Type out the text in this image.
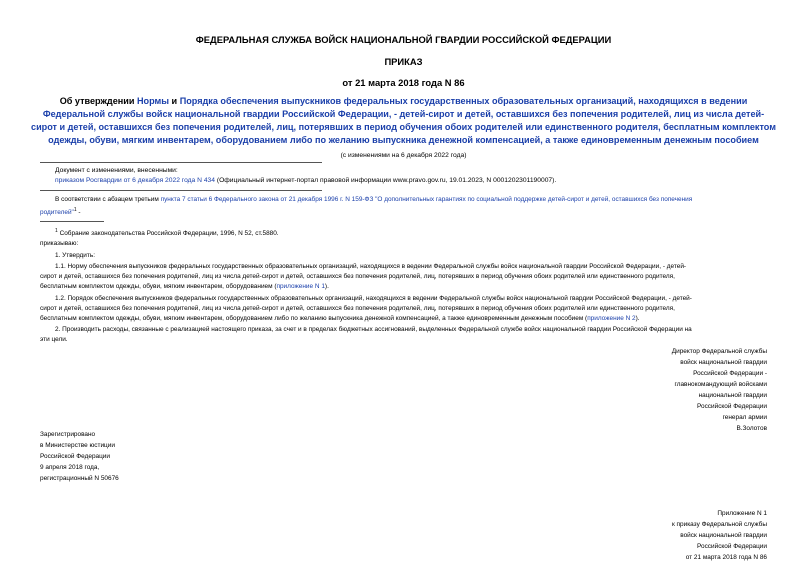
ФЕДЕРАЛЬНАЯ СЛУЖБА ВОЙСК НАЦИОНАЛЬНОЙ ГВАРДИИ РОССИЙСКОЙ ФЕДЕРАЦИИ
ПРИКАЗ
от 21 марта 2018 года N 86
Об утверждении Нормы и Порядка обеспечения выпускников федеральных государственных образовательных организаций, находящихся в ведении
Федеральной службы войск национальной гвардии Российской Федерации, - детей-сирот и детей, оставшихся без попечения родителей, лиц из числа детей-
сирот и детей, оставшихся без попечения родителей, лиц, потерявших в период обучения обоих родителей или единственного родителя, бесплатным комплектом
одежды, обуви, мягким инвентарем, оборудованием либо по желанию выпускника денежной компенсацией, а также единовременным денежным пособием
(с изменениями на 6 декабря 2022 года)
Документ с изменениями, внесенными:
приказом Росгвардии от 6 декабря 2022 года N 434 (Официальный интернет-портал правовой информации www.pravo.gov.ru, 19.01.2023, N 0001202301190007).
В соответствии с абзацем третьим пункта 7 статьи 6 Федерального закона от 21 декабря 1996 г. N 159-ФЗ "О дополнительных гарантиях по социальной поддержке детей-сирот и детей, оставшихся без попечения
родителей"$^1$ -
$^1$ Собрание законодательства Российской Федерации, 1996, N 52, ст.5880.
приказываю:
1. Утвердить:
1.1. Норму обеспечения выпускников федеральных государственных образовательных организаций, находящихся в ведении Федеральной службы войск национальной гвардии Российской Федерации, - детей-
сирот и детей, оставшихся без попечения родителей, лиц из числа детей-сирот и детей, оставшихся без попечения родителей, лиц, потерявших в период обучения обоих родителей или единственного родителя,
бесплатным комплектом одежды, обуви, мягким инвентарем, оборудованием (приложение N 1).
1.2. Порядок обеспечения выпускников федеральных государственных образовательных организаций, находящихся в ведении Федеральной службы войск национальной гвардии Российской Федерации, - детей-
сирот и детей, оставшихся без попечения родителей, лиц из числа детей-сирот и детей, оставшихся без попечения родителей, лиц, потерявших в период обучения обоих родителей или единственного родителя,
бесплатным комплектом одежды, обуви, мягким инвентарем, оборудованием либо по желанию выпускника денежной компенсацией, а также единовременным денежным пособием (приложение N 2).
2. Производить расходы, связанные с реализацией настоящего приказа, за счет и в пределах бюджетных ассигнований, выделенных Федеральной службе войск национальной гвардии Российской Федерации на
эти цели.
Директор Федеральной службы
войск национальной гвардии
Российской Федерации -
главнокомандующий войсками
национальной гвардии
Российской Федерации
генерал армии
В.Золотов
Зарегистрировано
в Министерстве юстиции
Российской Федерации
9 апреля 2018 года,
регистрационный N 50676
Приложение N 1
к приказу Федеральной службы
войск национальной гвардии
Российской Федерации
от 21 марта 2018 года N 86
